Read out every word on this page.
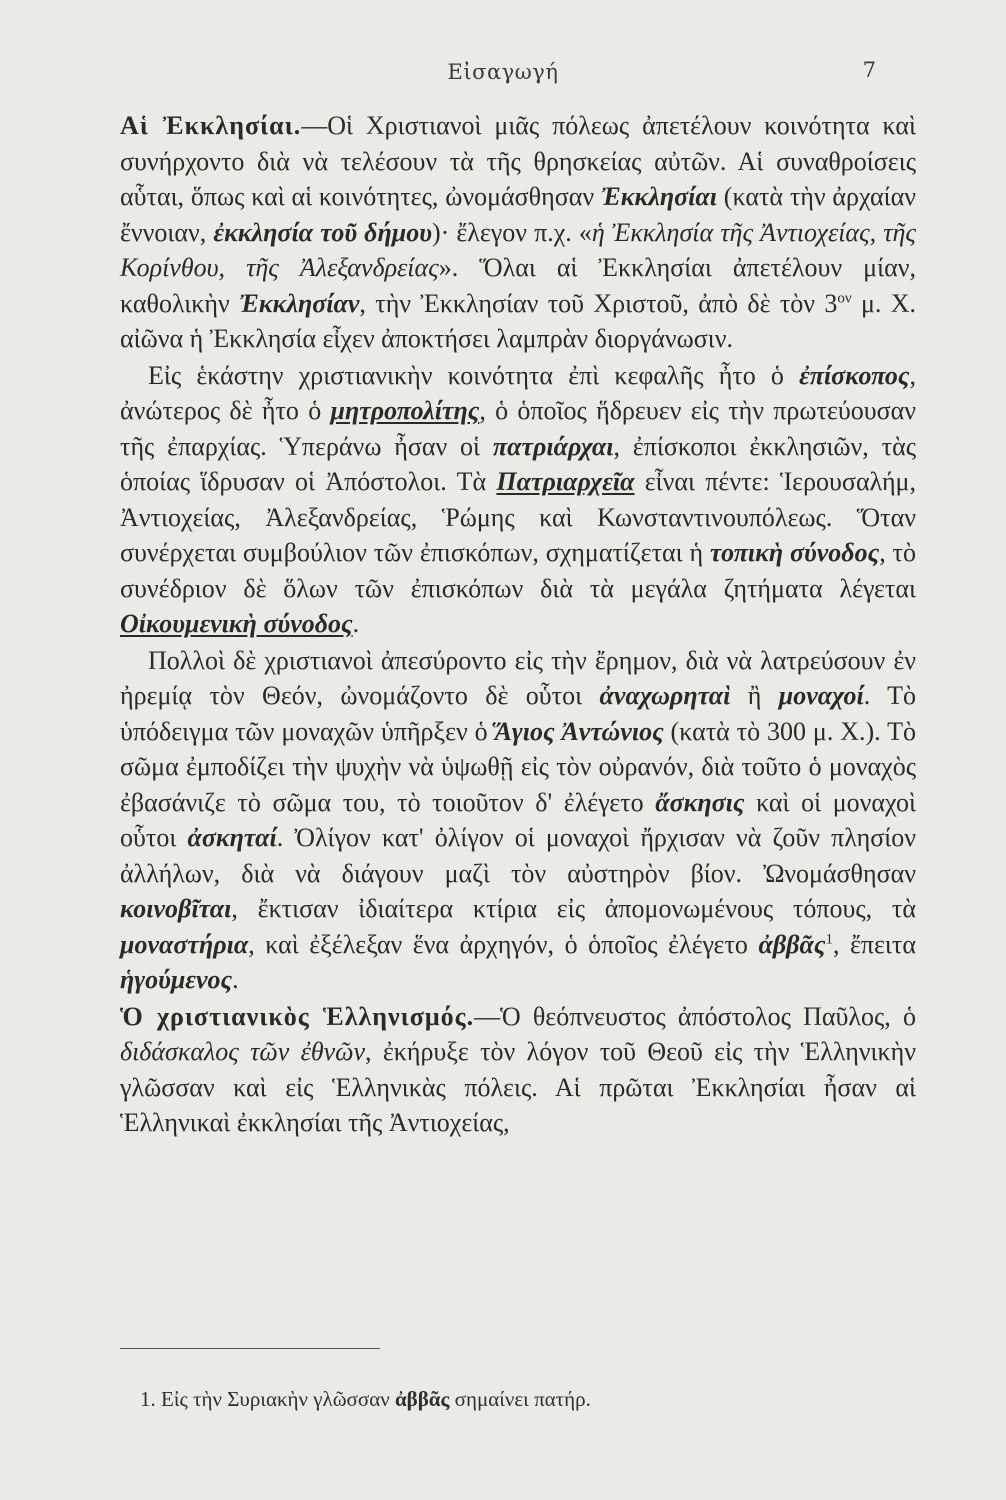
Εἰσαγωγή	7

Αἱ Ἐκκλησίαι.—Οἱ Χριστιανοὶ μιᾶς πόλεως ἀπετέλουν κοινότητα καὶ συνήρχοντο διὰ νὰ τελέσουν τὰ τῆς θρησκείας αὐτῶν. Αἱ συναθροίσεις αὗται, ὅπως καὶ αἱ κοινότητες, ὠνομάσθησαν Ἐκκλησίαι (κατὰ τὴν ἀρχαίαν ἔννοιαν, ἐκκλησία τοῦ δήμου)· ἔλεγον π.χ. «ἡ Ἐκκλησία τῆς Ἀντιοχείας, τῆς Κορίνθου, τῆς Ἀλεξανδρείας». Ὅλαι αἱ Ἐκκλησίαι ἀπετέλουν μίαν, καθολικὴν Ἐκκλησίαν, τὴν Ἐκκλησίαν τοῦ Χριστοῦ, ἀπὸ δὲ τὸν $3^{o\nu}$ μ. Χ. αἰῶνα ἡ Ἐκκλησία εἶχεν ἀποκτήσει λαμπρὰν διοργάνωσιν.

Εἰς ἑκάστην χριστιανικὴν κοινότητα ἐπὶ κεφαλῆς ἦτο ὁ ἐπίσκοπος, ἀνώτερος δὲ ἦτο ὁ μητροπολίτης, ὁ ὁποῖος ἥδρευεν εἰς τὴν πρωτεύουσαν τῆς ἐπαρχίας. Ὑπεράνω ἦσαν οἱ πατριάρχαι, ἐπίσκοποι ἐκκλησιῶν, τὰς ὁποίας ἵδρυσαν οἱ Ἀπόστολοι. Τὰ Πατριαρχεῖα εἶναι πέντε: Ἱερουσαλήμ, Ἀντιοχείας, Ἀλεξανδρείας, Ῥώμης καὶ Κωνσταντινουπόλεως. Ὅταν συνέρχεται συμβούλιον τῶν ἐπισκόπων, σχηματίζεται ἡ τοπικὴ σύνοδος, τὸ συνέδριον δὲ ὅλων τῶν ἐπισκόπων διὰ τὰ μεγάλα ζητήματα λέγεται Οἰκουμενικὴ σύνοδος.

Πολλοὶ δὲ χριστιανοὶ ἀπεσύροντο εἰς τὴν ἔρημον, διὰ νὰ λατρεύσουν ἐν ἠρεμίᾳ τὸν Θεόν, ὠνομάζοντο δὲ οὗτοι ἀναχωρηταὶ ἢ μοναχοί. Τὸ ὑπόδειγμα τῶν μοναχῶν ὑπῆρξεν ὁ Ἅγιος Ἀντώνιος (κατὰ τὸ 300 μ. Χ.). Τὸ σῶμα ἐμποδίζει τὴν ψυχὴν νὰ ὑψωθῇ εἰς τὸν οὐρανόν, διὰ τοῦτο ὁ μοναχὸς ἐβασάνιζε τὸ σῶμα του, τὸ τοιοῦτον δ' ἐλέγετο ἄσκησις καὶ οἱ μοναχοὶ οὗτοι ἀσκηταί. Ὀλίγον κατ' ὀλίγον οἱ μοναχοὶ ἤρχισαν νὰ ζοῦν πλησίον ἀλλήλων, διὰ νὰ διάγουν μαζὶ τὸν αὐστηρὸν βίον. Ὠνομάσθησαν κοινοβῖται, ἔκτισαν ἰδιαίτερα κτίρια εἰς ἀπομονωμένους τόπους, τὰ μοναστήρια, καὶ ἐξέλεξαν ἕνα ἀρχηγόν, ὁ ὁποῖος ἐλέγετο ἀββᾶς$^1$, ἔπειτα ἡγούμενος.

Ὁ χριστιανικὸς Ἑλληνισμός.—Ὁ θεόπνευστος ἀπόστολος Παῦλος, ὁ διδάσκαλος τῶν ἐθνῶν, ἐκήρυξε τὸν λόγον τοῦ Θεοῦ εἰς τὴν Ἑλληνικὴν γλῶσσαν καὶ εἰς Ἑλληνικὰς πόλεις. Αἱ πρῶται Ἐκκλησίαι ἦσαν αἱ Ἑλληνικαὶ ἐκκλησίαι τῆς Ἀντιοχείας,

1. Εἰς τὴν Συριακὴν γλῶσσαν ἀββᾶς σημαίνει πατήρ.
